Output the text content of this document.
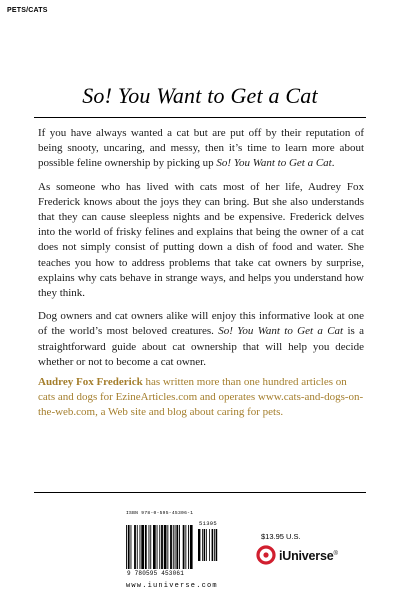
PETS/CATS
So! You Want to Get a Cat

If you have always wanted a cat but are put off by their reputation of being snooty, uncaring, and messy, then it’s time to learn more about possible feline ownership by picking up So! You Want to Get a Cat.

As someone who has lived with cats most of her life, Audrey Fox Frederick knows about the joys they can bring. But she also understands that they can cause sleepless nights and be expensive. Frederick delves into the world of frisky felines and explains that being the owner of a cat does not simply consist of putting down a dish of food and water. She teaches you how to address problems that take cat owners by surprise, explains why cats behave in strange ways, and helps you understand how they think.

Dog owners and cat owners alike will enjoy this informative look at one of the world’s most beloved creatures. So! You Want to Get a Cat is a straightforward guide about cat ownership that will help you decide whether or not to become a cat owner.

Audrey Fox Frederick has written more than one hundred articles on cats and dogs for EzineArticles.com and operates www.cats-and-dogs-on-the-web.com, a Web site and blog about caring for pets.
ISBN 978-0-595-45306-1
51395
9 780595 453061
www.iuniverse.com
$13.95 U.S.
iUniverse®
